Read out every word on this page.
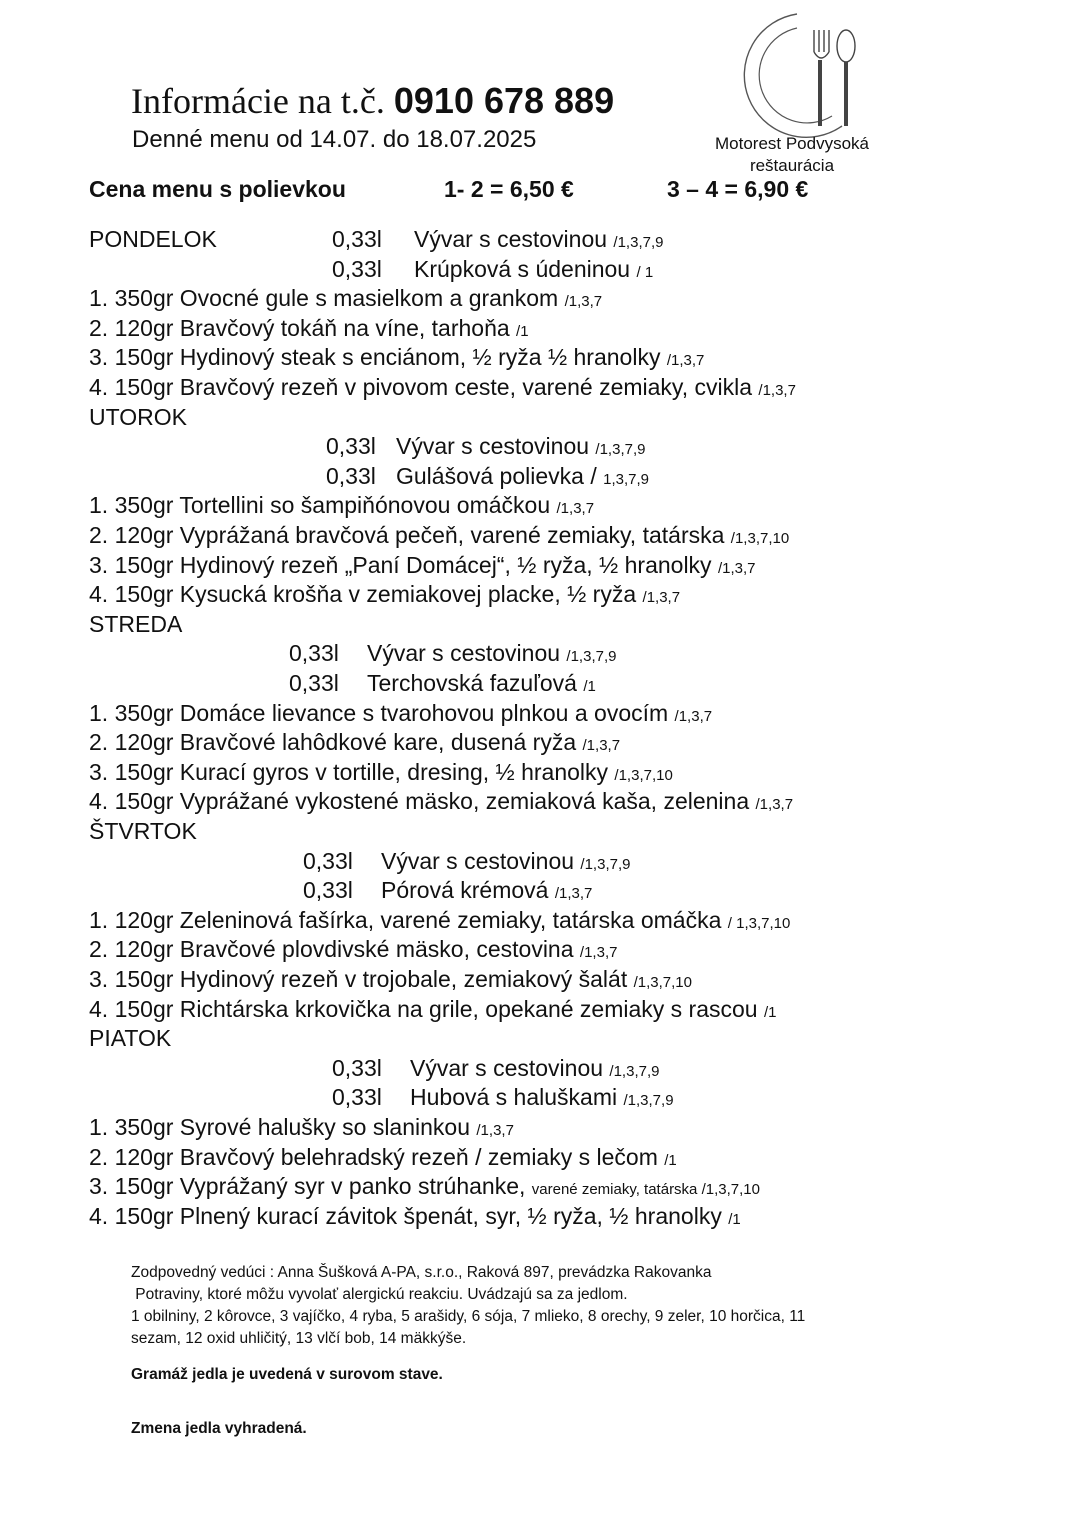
Informácie na t.č. 0910 678 889
Denné menu od 14.07. do 18.07.2025	Motorest Podvysoká
reštaurácia
Cena menu s polievkou	1- 2 = 6,50 €	3 – 4 = 6,90 €
PONDELOK	0,33l Vývar s cestovinou /1,3,7,9
0,33l Krúpková s údeninou / 1
1. 350gr Ovocné gule s masielkom a grankom /1,3,7
2. 120gr Bravčový tokáň na víne, tarhoňa /1
3. 150gr Hydinový steak s enciánom, ½ ryža ½ hranolky /1,3,7
4. 150gr Bravčový rezeň v pivovom ceste, varené zemiaky, cvikla /1,3,7
UTOROK
0,33l Vývar s cestovinou /1,3,7,9
0,33l Gulášová polievka / 1,3,7,9
1. 350gr Tortellini so šampiňónovou omáčkou /1,3,7
2. 120gr Vyprážaná bravčová pečeň, varené zemiaky, tatárska /1,3,7,10
3. 150gr Hydinový rezeň „Paní Domácej“, ½ ryža, ½ hranolky /1,3,7
4. 150gr Kysucká krošňa v zemiakovej placke, ½ ryža /1,3,7
STREDA
0,33l Vývar s cestovinou /1,3,7,9
0,33l Terchovská fazuľová /1
1. 350gr Domáce lievance s tvarohovou plnkou a ovocím /1,3,7
2. 120gr Bravčové lahôdkové kare, dusená ryža /1,3,7
3. 150gr Kurací gyros v tortille, dresing, ½ hranolky /1,3,7,10
4. 150gr Vyprážané vykostené mäsko, zemiaková kaša, zelenina /1,3,7
ŠTVRTOK
0,33l Vývar s cestovinou /1,3,7,9
0,33l Pórová krémová /1,3,7
1. 120gr Zeleninová fašírka, varené zemiaky, tatárska omáčka / 1,3,7,10
2. 120gr Bravčové plovdivské mäsko, cestovina /1,3,7
3. 150gr Hydinový rezeň v trojobale, zemiakový šalát /1,3,7,10
4. 150gr Richtárska krkovička na grile, opekané zemiaky s rascou /1
PIATOK
0,33l Vývar s cestovinou /1,3,7,9
0,33l Hubová s haluškami /1,3,7,9
1. 350gr Syrové halušky so slaninkou /1,3,7
2. 120gr Bravčový belehradský rezeň / zemiaky s lečom /1
3. 150gr Vyprážaný syr v panko strúhanke, varené zemiaky, tatárska /1,3,7,10
4. 150gr Plnený kurací závitok špenát, syr, ½ ryža, ½ hranolky /1
Zodpovedný vedúci : Anna Šušková A-PA, s.r.o., Raková 897, prevádzka Rakovanka
Potraviny, ktoré môžu vyvolať alergickú reakciu. Uvádzajú sa za jedlom.
1 obilniny, 2 kôrovce, 3 vajíčko, 4 ryba, 5 arašidy, 6 sója, 7 mlieko, 8 orechy, 9 zeler, 10 horčica, 11
sezam, 12 oxid uhličitý, 13 vlčí bob, 14 mäkkýše.
Gramáž jedla je uvedená v surovom stave.
Zmena jedla vyhradená.
